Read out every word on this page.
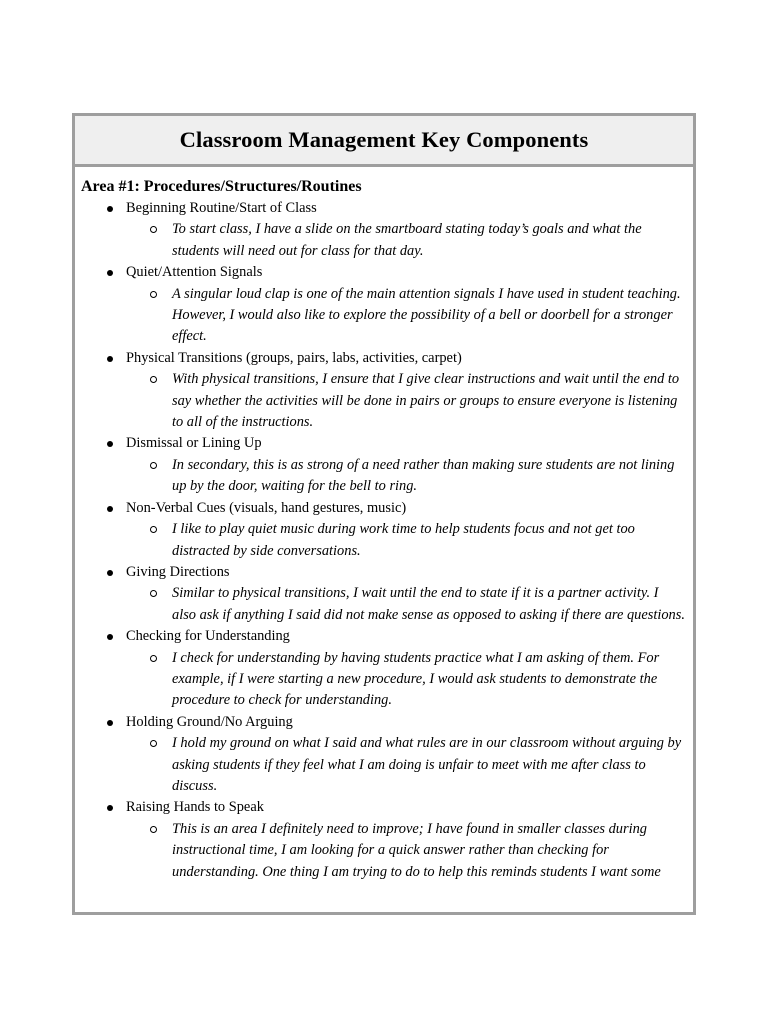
Classroom Management Key Components
Area #1: Procedures/Structures/Routines
Beginning Routine/Start of Class
To start class, I have a slide on the smartboard stating today’s goals and what the students will need out for class for that day.
Quiet/Attention Signals
A singular loud clap is one of the main attention signals I have used in student teaching. However, I would also like to explore the possibility of a bell or doorbell for a stronger effect.
Physical Transitions (groups, pairs, labs, activities, carpet)
With physical transitions, I ensure that I give clear instructions and wait until the end to say whether the activities will be done in pairs or groups to ensure everyone is listening to all of the instructions.
Dismissal or Lining Up
In secondary, this is as strong of a need rather than making sure students are not lining up by the door, waiting for the bell to ring.
Non-Verbal Cues (visuals, hand gestures, music)
I like to play quiet music during work time to help students focus and not get too distracted by side conversations.
Giving Directions
Similar to physical transitions, I wait until the end to state if it is a partner activity. I also ask if anything I said did not make sense as opposed to asking if there are questions.
Checking for Understanding
I check for understanding by having students practice what I am asking of them. For example, if I were starting a new procedure, I would ask students to demonstrate the procedure to check for understanding.
Holding Ground/No Arguing
I hold my ground on what I said and what rules are in our classroom without arguing by asking students if they feel what I am doing is unfair to meet with me after class to discuss.
Raising Hands to Speak
This is an area I definitely need to improve; I have found in smaller classes during instructional time, I am looking for a quick answer rather than checking for understanding. One thing I am trying to do to help this reminds students I want some
